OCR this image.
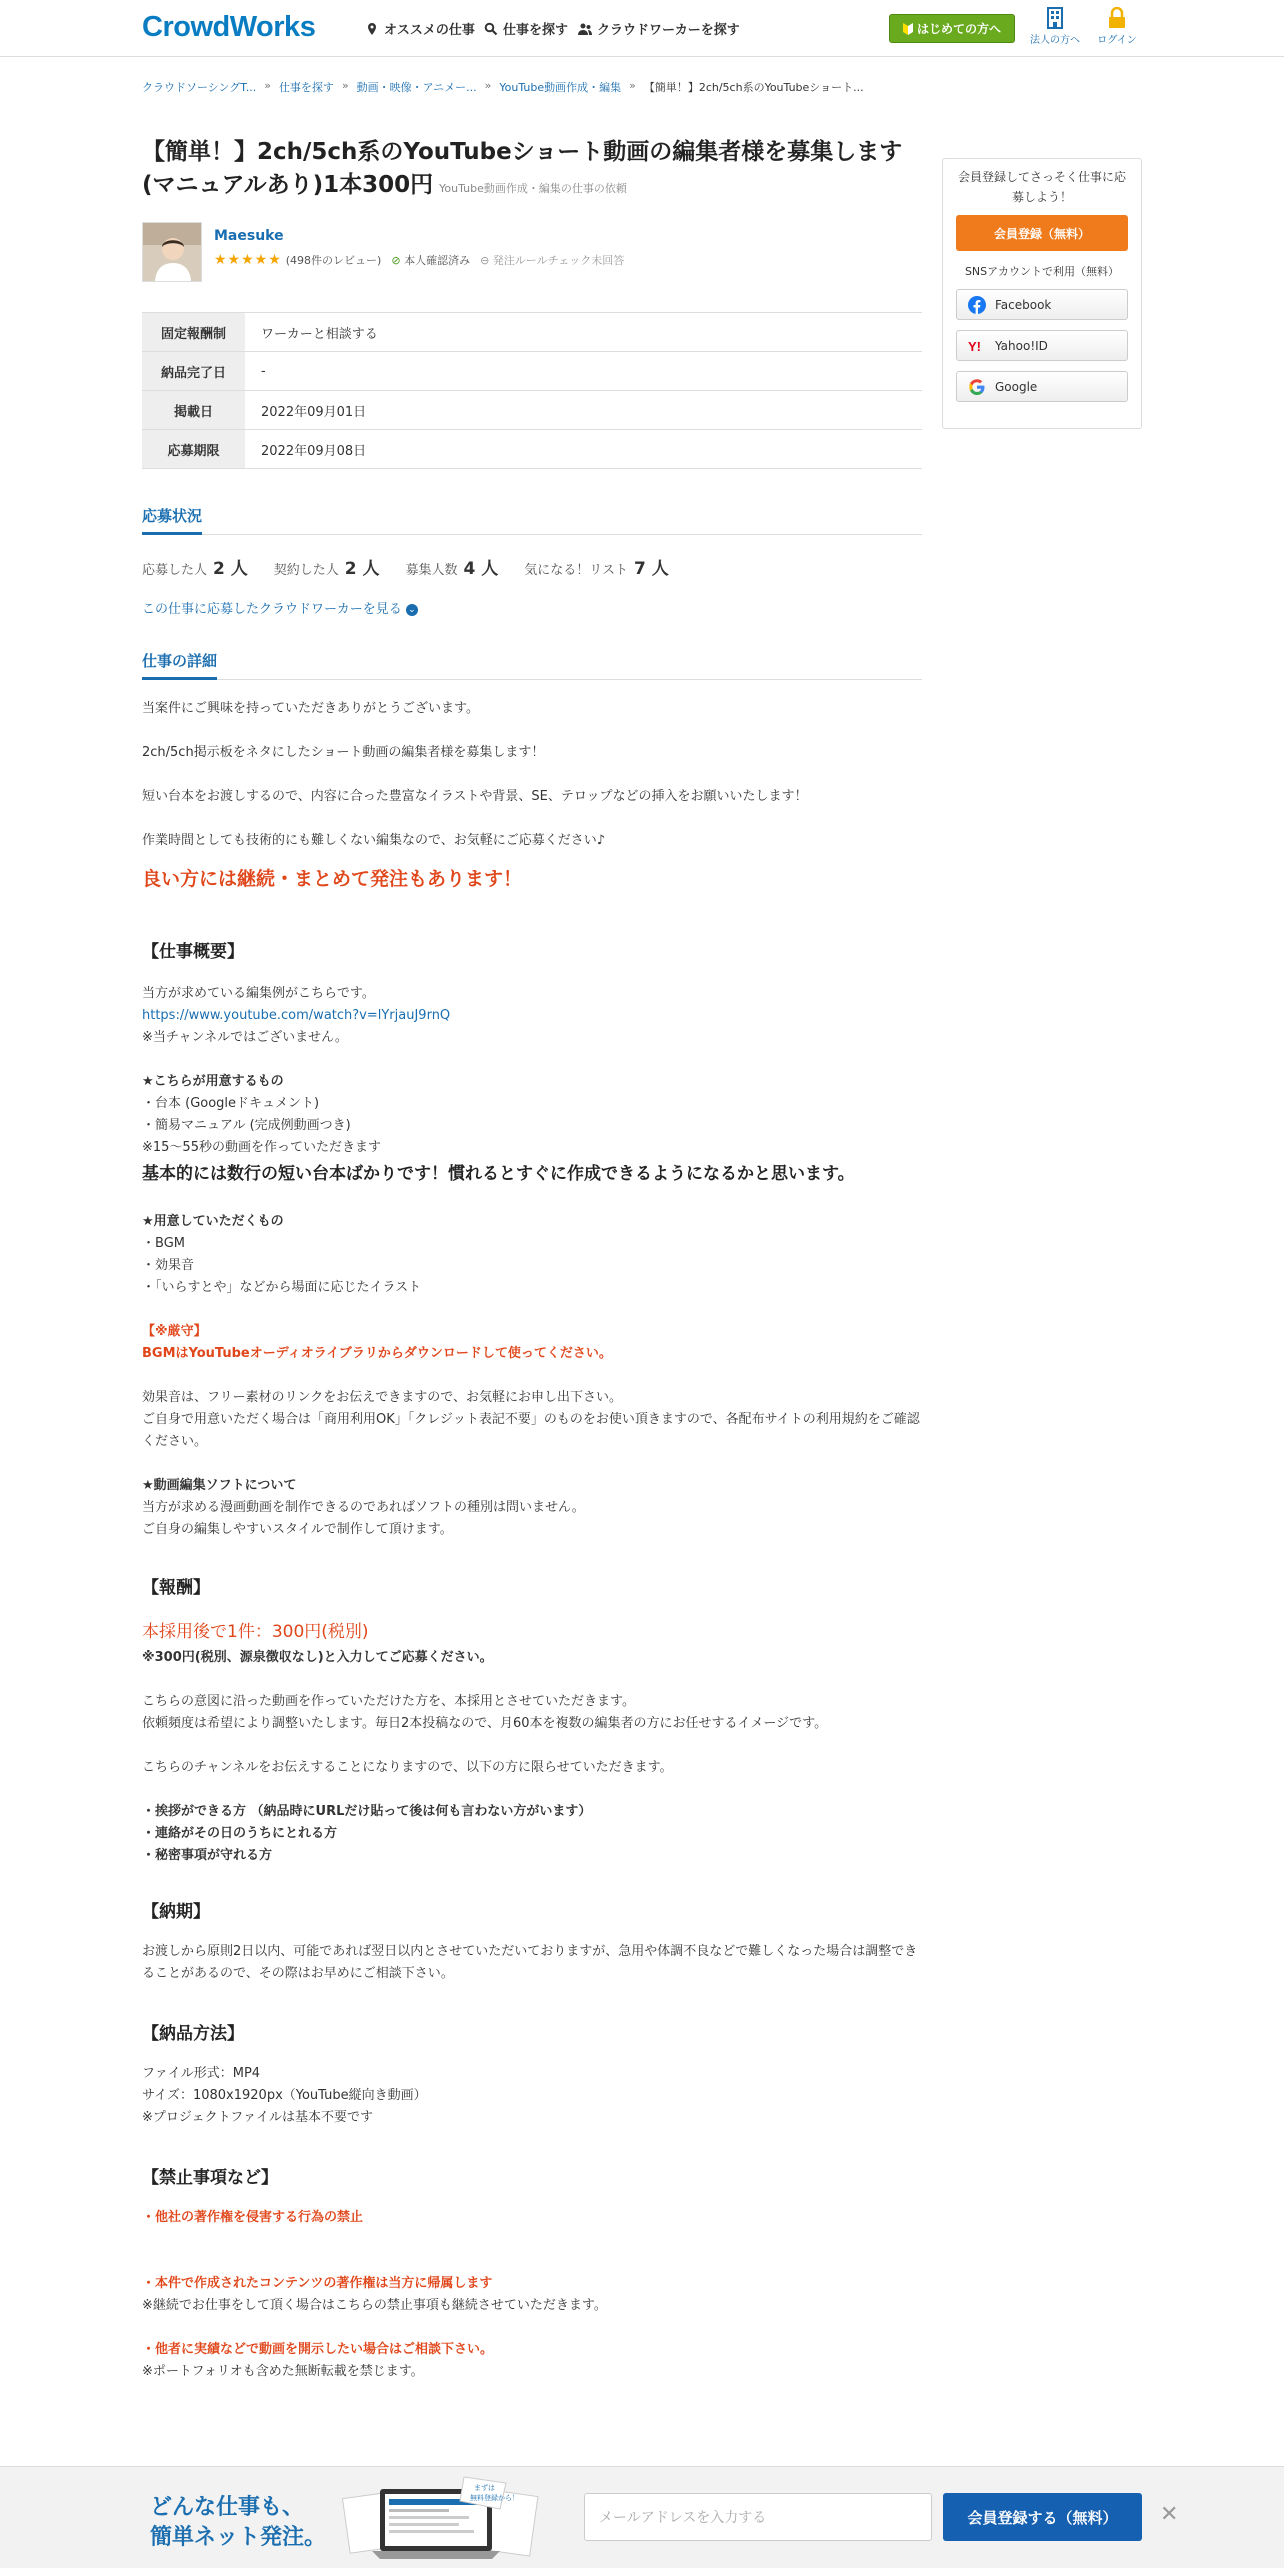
CrowdWorks	オススメの仕事 仕事を探す クラウドワーカーを探す	はじめての方へ
法人の方へ	ログイン
クラウドソーシングT... » 仕事を探す » 動画・映像・アニメー... » YouTube動画作成・編集 » 【簡単！】2ch/5ch系のYouTubeショート...
【簡単！】2ch/5ch系のYouTubeショート動画の編集者様を募集します(マニュアルあり)1本300円 YouTube動画作成・編集の仕事の依頼
Maesuke
★★★★★ (498件のレビュー) ⊘ 本人確認済み ⊖ 発注ルールチェック未回答
固定報酬制	ワーカーと相談する
納品完了日	-
掲載日	2022年09月01日
応募期限	2022年09月08日
応募状況
応募した人 2 人 契約した人 2 人 募集人数 4 人 気になる！リスト 7 人
この仕事に応募したクラウドワーカーを見る ⌄
仕事の詳細

当案件にご興味を持っていただきありがとうございます。

2ch/5ch掲示板をネタにしたショート動画の編集者様を募集します！

短い台本をお渡しするので、内容に合った豊富なイラストや背景、SE、テロップなどの挿入をお願いいたします！

作業時間としても技術的にも難しくない編集なので、お気軽にご応募ください♪

良い方には継続・まとめて発注もあります！

【仕事概要】

当方が求めている編集例がこちらです。

https://www.youtube.com/watch?v=lYrjauJ9rnQ

※当チャンネルではございません。

★こちらが用意するもの

・台本 (Googleドキュメント)

・簡易マニュアル (完成例動画つき)

※15〜55秒の動画を作っていただきます

基本的には数行の短い台本ばかりです！慣れるとすぐに作成できるようになるかと思います。

★用意していただくもの

・BGM

・効果音

・「いらすとや」などから場面に応じたイラスト

【※厳守】

BGMはYouTubeオーディオライブラリからダウンロードして使ってください。

効果音は、フリー素材のリンクをお伝えできますので、お気軽にお申し出下さい。

ご自身で用意いただく場合は「商用利用OK」「クレジット表記不要」のものをお使い頂きますので、各配布サイトの利用規約をご確認ください。

★動画編集ソフトについて

当方が求める漫画動画を制作できるのであればソフトの種別は問いません。

ご自身の編集しやすいスタイルで制作して頂けます。

【報酬】

本採用後で1件：300円(税別)

※300円(税別、源泉徴収なし)と入力してご応募ください。

こちらの意図に沿った動画を作っていただけた方を、本採用とさせていただきます。

依頼頻度は希望により調整いたします。毎日2本投稿なので、月60本を複数の編集者の方にお任せするイメージです。

こちらのチャンネルをお伝えすることになりますので、以下の方に限らせていただきます。

・挨拶ができる方 （納品時にURLだけ貼って後は何も言わない方がいます）

・連絡がその日のうちにとれる方

・秘密事項が守れる方

【納期】

お渡しから原則2日以内、可能であれば翌日以内とさせていただいておりますが、急用や体調不良などで難しくなった場合は調整できることがあるので、その際はお早めにご相談下さい。

【納品方法】

ファイル形式：MP4

サイズ：1080x1920px（YouTube縦向き動画）

※プロジェクトファイルは基本不要です

【禁止事項など】

・他社の著作権を侵害する行為の禁止

・本件で作成されたコンテンツの著作権は当方に帰属します

※継続でお仕事をして頂く場合はこちらの禁止事項も継続させていただきます。

・他者に実績などで動画を開示したい場合はご相談下さい。

※ポートフォリオも含めた無断転載を禁じます。

会員登録してさっそく仕事に応募しよう！
会員登録（無料）
SNSアカウントで利用（無料）
Facebook
Y! Yahoo!ID
Google
どんな仕事も、
簡単ネット発注。
まずは
無料登録から！
メールアドレスを入力する	会員登録する（無料）	✕
